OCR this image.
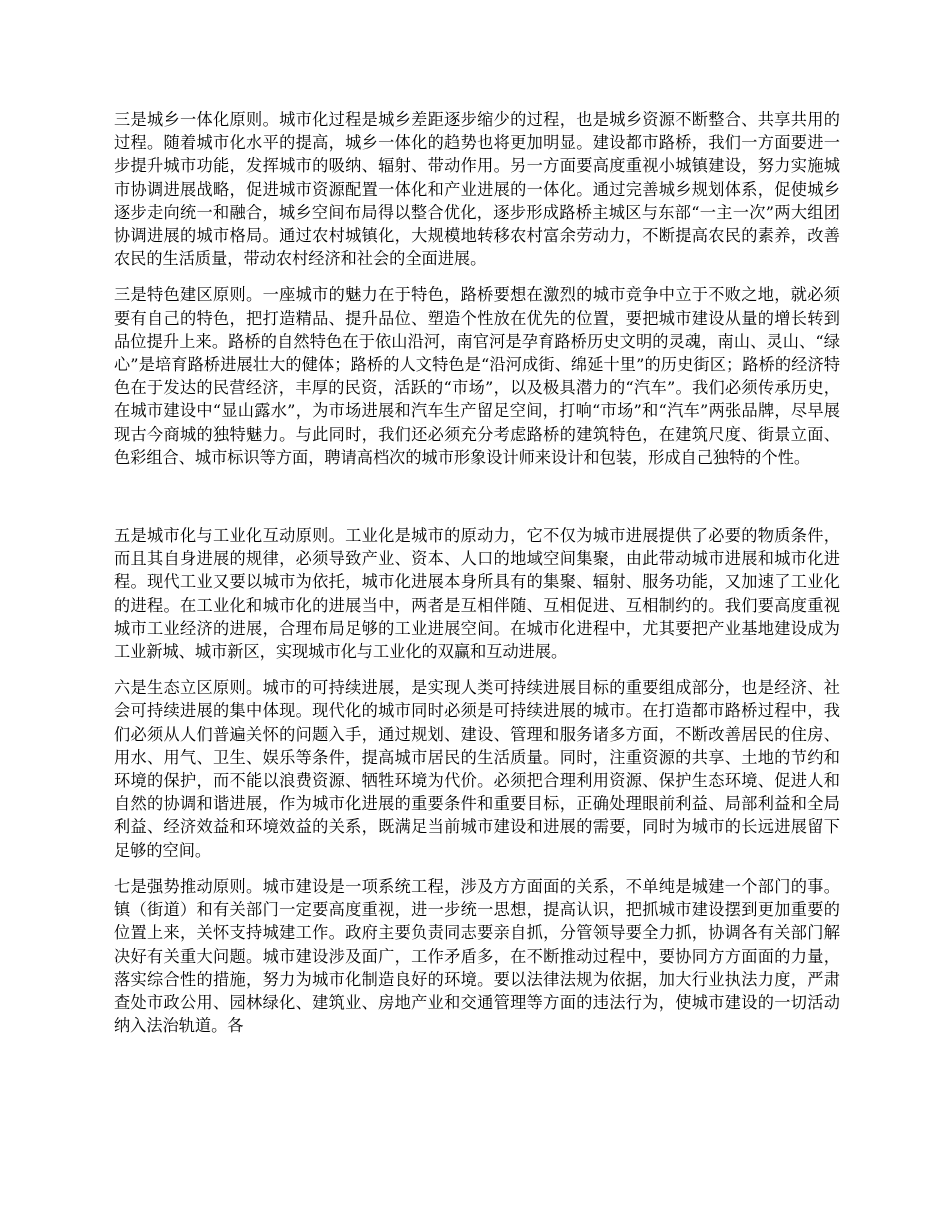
三是城乡一体化原则。城市化过程是城乡差距逐步缩少的过程，也是城乡资源不断整合、共享共用的过程。随着城市化水平的提高，城乡一体化的趋势也将更加明显。建设都市路桥，我们一方面要进一步提升城市功能，发挥城市的吸纳、辐射、带动作用。另一方面要高度重视小城镇建设，努力实施城市协调进展战略，促进城市资源配置一体化和产业进展的一体化。通过完善城乡规划体系，促使城乡逐步走向统一和融合，城乡空间布局得以整合优化，逐步形成路桥主城区与东部“一主一次”两大组团协调进展的城市格局。通过农村城镇化，大规模地转移农村富余劳动力，不断提高农民的素养，改善农民的生活质量，带动农村经济和社会的全面进展。

三是特色建区原则。一座城市的魅力在于特色，路桥要想在激烈的城市竞争中立于不败之地，就必须要有自己的特色，把打造精品、提升品位、塑造个性放在优先的位置，要把城市建设从量的增长转到品位提升上来。路桥的自然特色在于依山沿河，南官河是孕育路桥历史文明的灵魂，南山、灵山、“绿心”是培育路桥进展壮大的健体；路桥的人文特色是“沿河成街、绵延十里”的历史街区；路桥的经济特色在于发达的民营经济，丰厚的民资，活跃的“市场”，以及极具潜力的“汽车”。我们必须传承历史，在城市建设中“显山露水”，为市场进展和汽车生产留足空间，打响“市场”和“汽车”两张品牌，尽早展现古今商城的独特魅力。与此同时，我们还必须充分考虑路桥的建筑特色，在建筑尺度、街景立面、色彩组合、城市标识等方面，聘请高档次的城市形象设计师来设计和包装，形成自己独特的个性。

五是城市化与工业化互动原则。工业化是城市的原动力，它不仅为城市进展提供了必要的物质条件，而且其自身进展的规律，必须导致产业、资本、人口的地域空间集聚，由此带动城市进展和城市化进程。现代工业又要以城市为依托，城市化进展本身所具有的集聚、辐射、服务功能，又加速了工业化的进程。在工业化和城市化的进展当中，两者是互相伴随、互相促进、互相制约的。我们要高度重视城市工业经济的进展，合理布局足够的工业进展空间。在城市化进程中，尤其要把产业基地建设成为工业新城、城市新区，实现城市化与工业化的双赢和互动进展。

六是生态立区原则。城市的可持续进展，是实现人类可持续进展目标的重要组成部分，也是经济、社会可持续进展的集中体现。现代化的城市同时必须是可持续进展的城市。在打造都市路桥过程中，我们必须从人们普遍关怀的问题入手，通过规划、建设、管理和服务诸多方面，不断改善居民的住房、用水、用气、卫生、娱乐等条件，提高城市居民的生活质量。同时，注重资源的共享、土地的节约和环境的保护，而不能以浪费资源、牺牲环境为代价。必须把合理利用资源、保护生态环境、促进人和自然的协调和谐进展，作为城市化进展的重要条件和重要目标，正确处理眼前利益、局部利益和全局利益、经济效益和环境效益的关系，既满足当前城市建设和进展的需要，同时为城市的长远进展留下足够的空间。

七是强势推动原则。城市建设是一项系统工程，涉及方方面面的关系，不单纯是城建一个部门的事。镇（街道）和有关部门一定要高度重视，进一步统一思想，提高认识，把抓城市建设摆到更加重要的位置上来，关怀支持城建工作。政府主要负责同志要亲自抓，分管领导要全力抓，协调各有关部门解决好有关重大问题。城市建设涉及面广，工作矛盾多，在不断推动过程中，要协同方方面面的力量，落实综合性的措施，努力为城市化制造良好的环境。要以法律法规为依据，加大行业执法力度，严肃查处市政公用、园林绿化、建筑业、房地产业和交通管理等方面的违法行为，使城市建设的一切活动纳入法治轨道。各
